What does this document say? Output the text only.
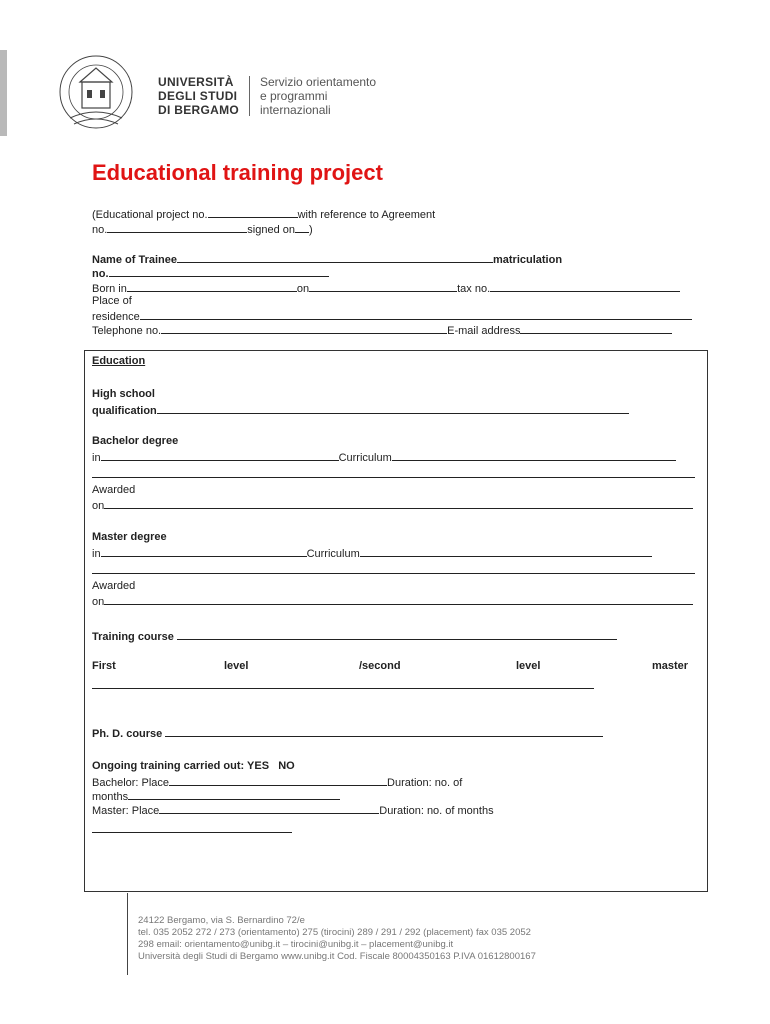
UNIVERSITÀ
DEGLI STUDI
DI BERGAMO
Servizio orientamento
e programmi
internazionali
Educational training project
(Educational project no.	with reference to Agreement
no.	signed on )
Name of Trainee	matriculation
no.
Born in	on	tax no.
Place of
residence
Telephone no.	E-mail address
Education
High school
qualification
Bachelor degree
in	Curriculum
Awarded
on
Master degree
in	Curriculum
Awarded
on
Training course
First	level	/second	level	master
Ph. D. course
Ongoing training carried out: YES NO
Bachelor: Place	Duration: no. of
months
Master: Place	Duration: no. of months
24122 Bergamo, via S. Bernardino 72/e
tel. 035 2052 272 / 273 (orientamento) 275 (tirocini) 289 / 291 / 292 (placement) fax 035 2052
298 email: orientamento@unibg.it – tirocini@unibg.it – placement@unibg.it
Università degli Studi di Bergamo www.unibg.it Cod. Fiscale 80004350163 P.IVA 01612800167
